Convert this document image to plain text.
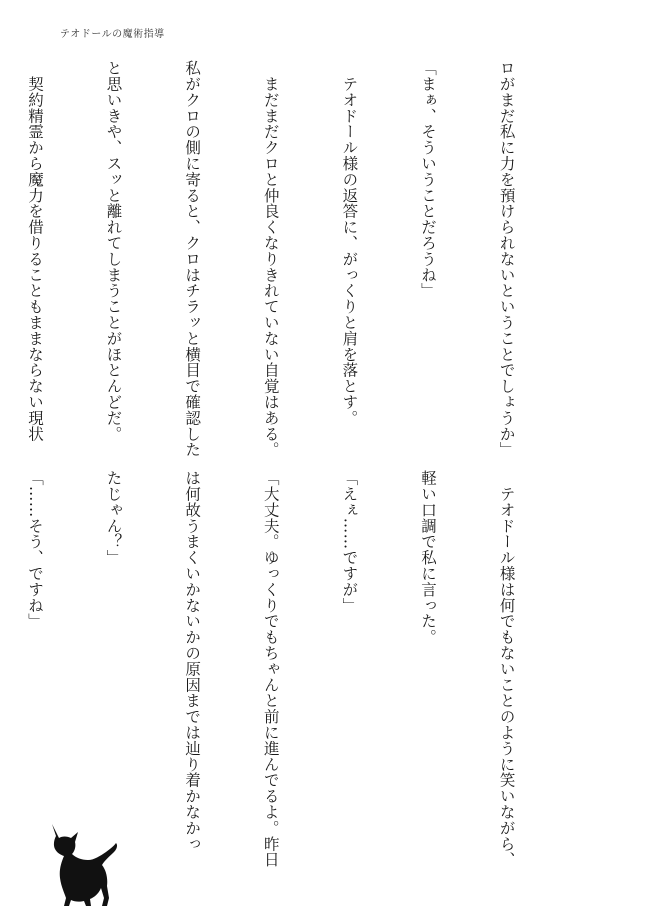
テオドールの魔術指導

ロがまだ私に力を預けられないということでしょうか」

「まぁ、そういうことだろうね」

　テオドール様の返答に、がっくりと肩を落とす。

　まだまだクロと仲良くなりきれていない自覚はある。

私がクロの側に寄ると、クロはチラッと横目で確認した

と思いきや、スッと離れてしまうことがほとんどだ。

　契約精霊から魔力を借りることもままならない現状

　テオドール様は何でもないことのように笑いながら、

軽い口調で私に言った。

「えぇ……ですが」

「大丈夫。ゆっくりでもちゃんと前に進んでるよ。昨日

は何故うまくいかないかの原因までは辿り着かなかっ

たじゃん？」

「……そう、ですね」
